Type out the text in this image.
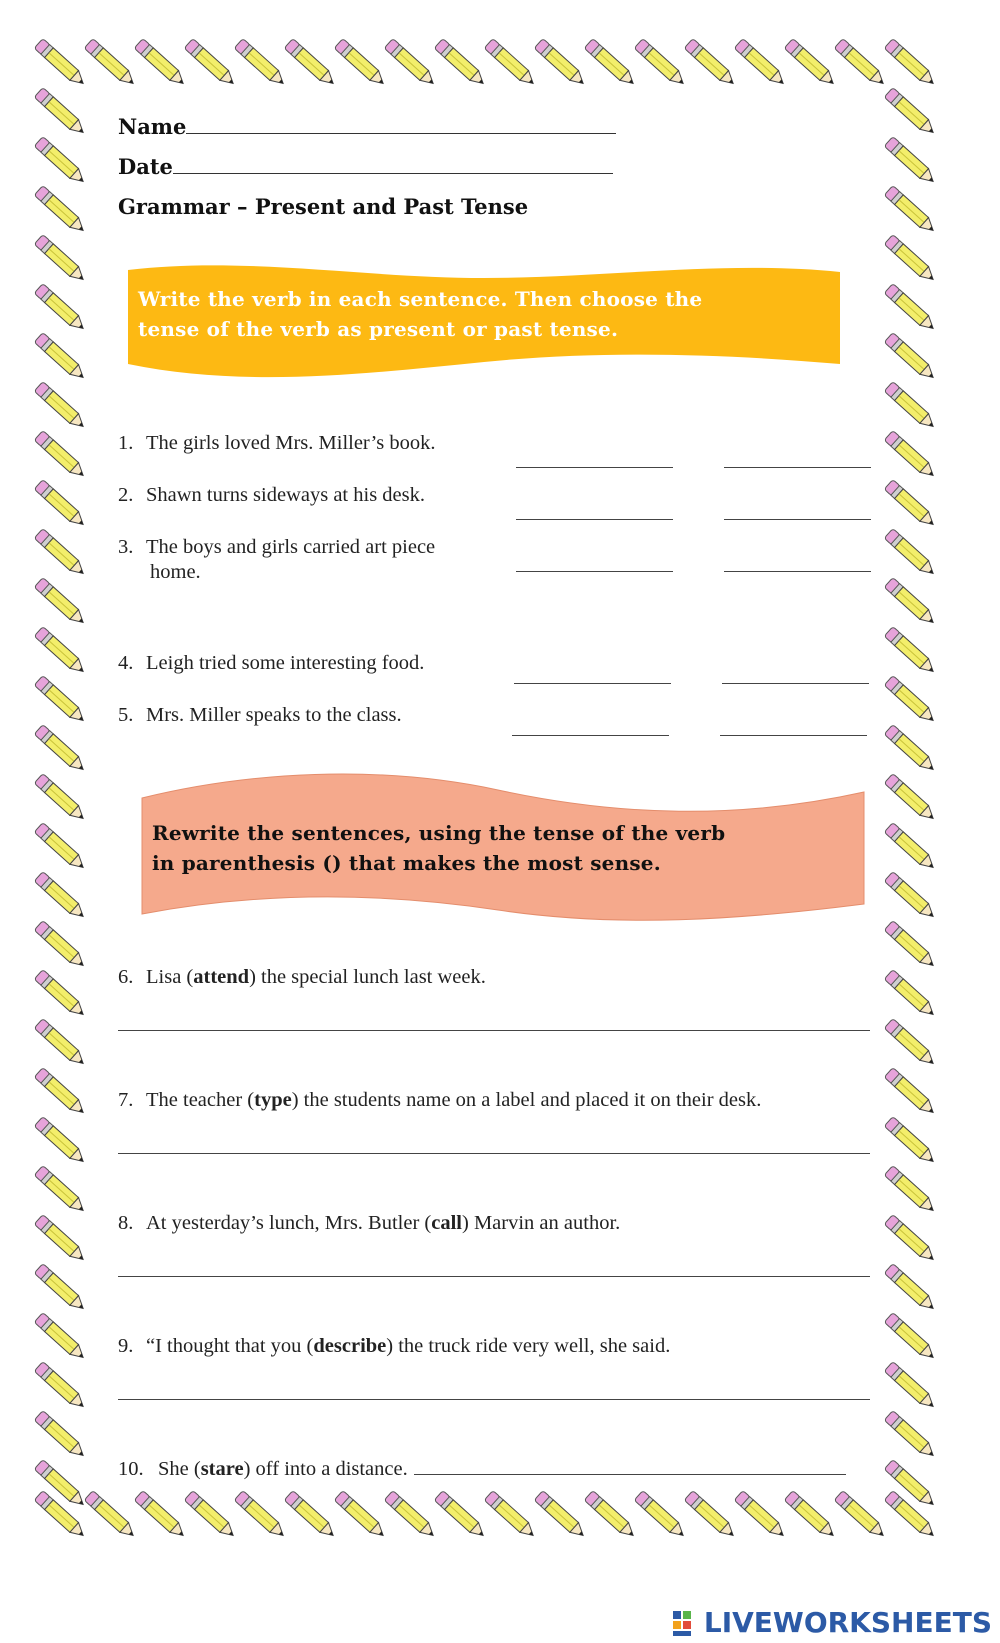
Name
Date
Grammar – Present and Past Tense
Write the verb in each sentence. Then choose the
tense of the verb as present or past tense.
1. The girls loved Mrs. Miller’s book.
2. Shawn turns sideways at his desk.
3. The boys and girls carried art piece
home.
4. Leigh tried some interesting food.
5. Mrs. Miller speaks to the class.
Rewrite the sentences, using the tense of the verb
in parenthesis () that makes the most sense.
6. Lisa (attend) the special lunch last week.
7. The teacher (type) the students name on a label and placed it on their desk.
8. At yesterday’s lunch, Mrs. Butler (call) Marvin an author.
9. “I thought that you (describe) the truck ride very well, she said.
10. She (stare) off into a distance.
LIVEWORKSHEETS
